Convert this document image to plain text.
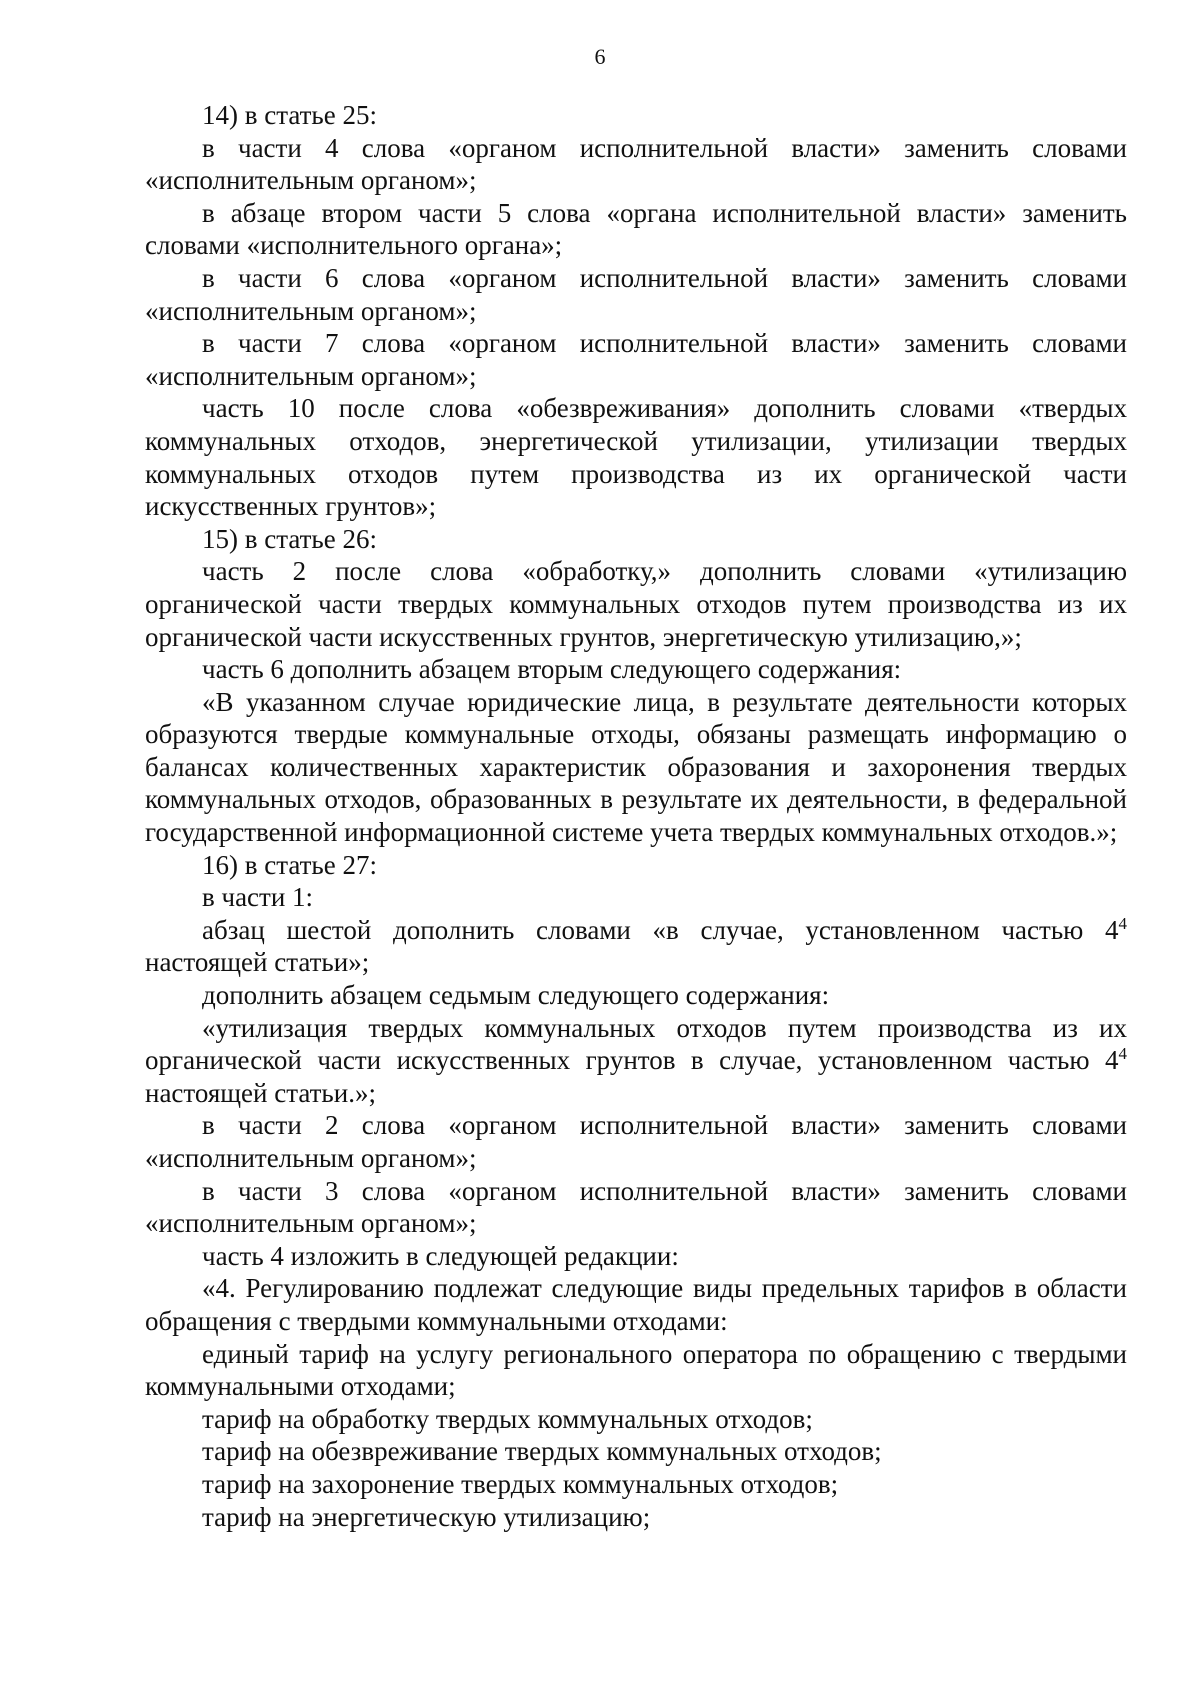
6

14) в статье 25:

в части 4 слова «органом исполнительной власти» заменить словами «исполнительным органом»;

в абзаце втором части 5 слова «органа исполнительной власти» заменить словами «исполнительного органа»;

в части 6 слова «органом исполнительной власти» заменить словами «исполнительным органом»;

в части 7 слова «органом исполнительной власти» заменить словами «исполнительным органом»;

часть 10 после слова «обезвреживания» дополнить словами «твердых коммунальных отходов, энергетической утилизации, утилизации твердых коммунальных отходов путем производства из их органической части искусственных грунтов»;

15) в статье 26:

часть 2 после слова «обработку,» дополнить словами «утилизацию органической части твердых коммунальных отходов путем производства из их органической части искусственных грунтов, энергетическую утилизацию,»;

часть 6 дополнить абзацем вторым следующего содержания:

«В указанном случае юридические лица, в результате деятельности которых образуются твердые коммунальные отходы, обязаны размещать информацию о балансах количественных характеристик образования и захоронения твердых коммунальных отходов, образованных в результате их деятельности, в федеральной государственной информационной системе учета твердых коммунальных отходов.»;

16) в статье 27:

в части 1:

абзац шестой дополнить словами «в случае, установленном частью $4^4$ настоящей статьи»;

дополнить абзацем седьмым следующего содержания:

«утилизация твердых коммунальных отходов путем производства из их органической части искусственных грунтов в случае, установленном частью $4^4$ настоящей статьи.»;

в части 2 слова «органом исполнительной власти» заменить словами «исполнительным органом»;

в части 3 слова «органом исполнительной власти» заменить словами «исполнительным органом»;

часть 4 изложить в следующей редакции:

«4. Регулированию подлежат следующие виды предельных тарифов в области обращения с твердыми коммунальными отходами:

единый тариф на услугу регионального оператора по обращению с твердыми коммунальными отходами;

тариф на обработку твердых коммунальных отходов;

тариф на обезвреживание твердых коммунальных отходов;

тариф на захоронение твердых коммунальных отходов;

тариф на энергетическую утилизацию;
